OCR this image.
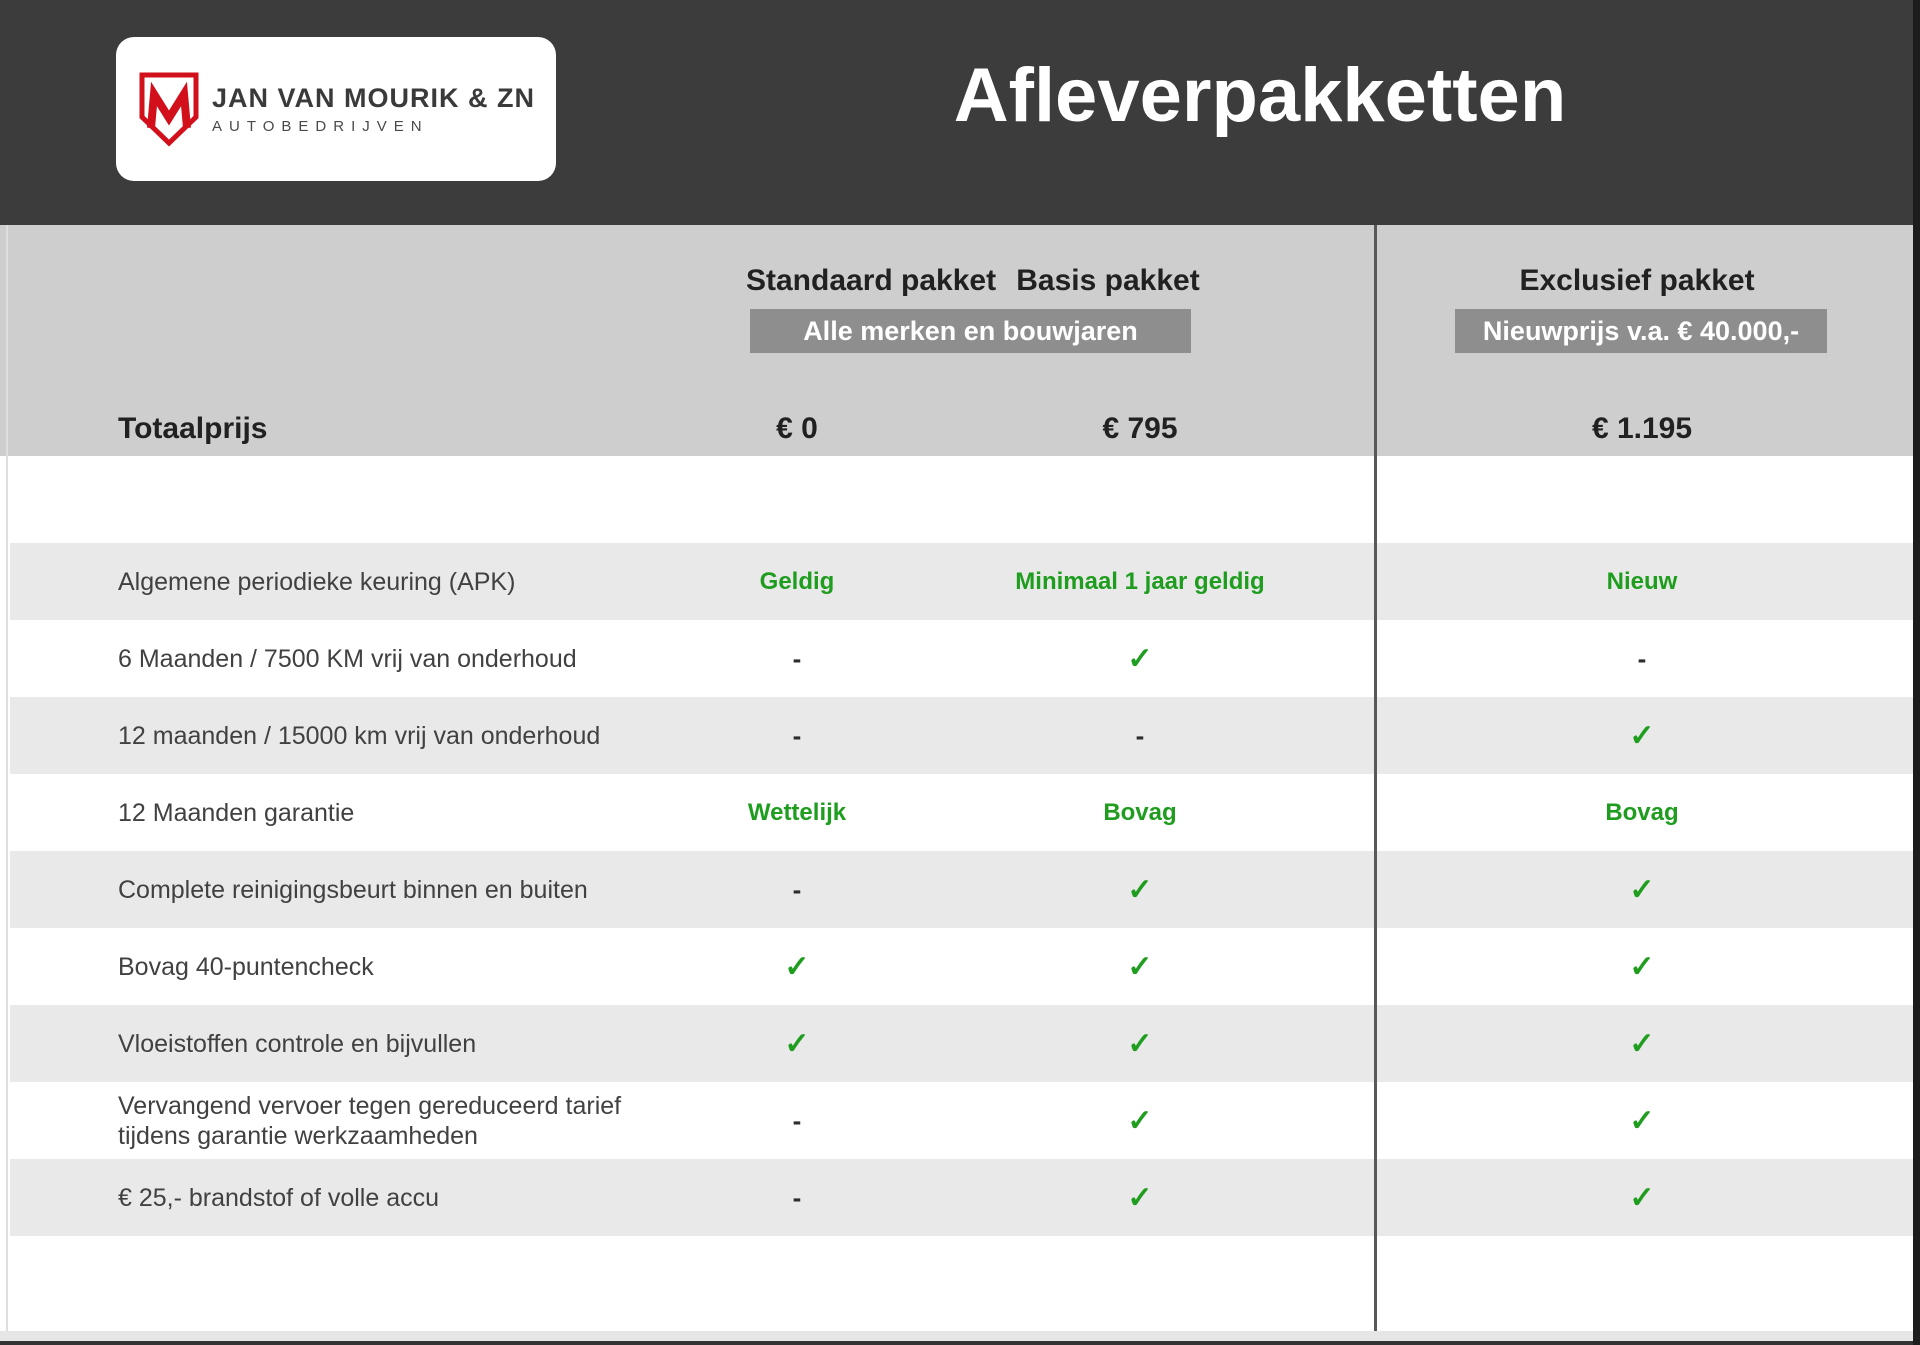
JAN VAN MOURIK & ZN
AUTOBEDRIJVEN	Afleverpakketten
Standaard pakket Basis pakket	Exclusief pakket
Alle merken en bouwjaren	Nieuwprijs v.a. € 40.000,-
Totaalprijs	€ 0	€ 795	€ 1.195
Algemene periodieke keuring (APK)	Geldig	Minimaal 1 jaar geldig	Nieuw
6 Maanden / 7500 KM vrij van onderhoud	-	✓	-
12 maanden / 15000 km vrij van onderhoud	-	-	✓
12 Maanden garantie	Wettelijk	Bovag	Bovag
Complete reinigingsbeurt binnen en buiten	-	✓	✓
Bovag 40-puntencheck	✓	✓	✓
Vloeistoffen controle en bijvullen	✓	✓	✓
Vervangend vervoer tegen gereduceerd tarief
tijdens garantie werkzaamheden
-	✓	✓
€ 25,- brandstof of volle accu	-	✓	✓
